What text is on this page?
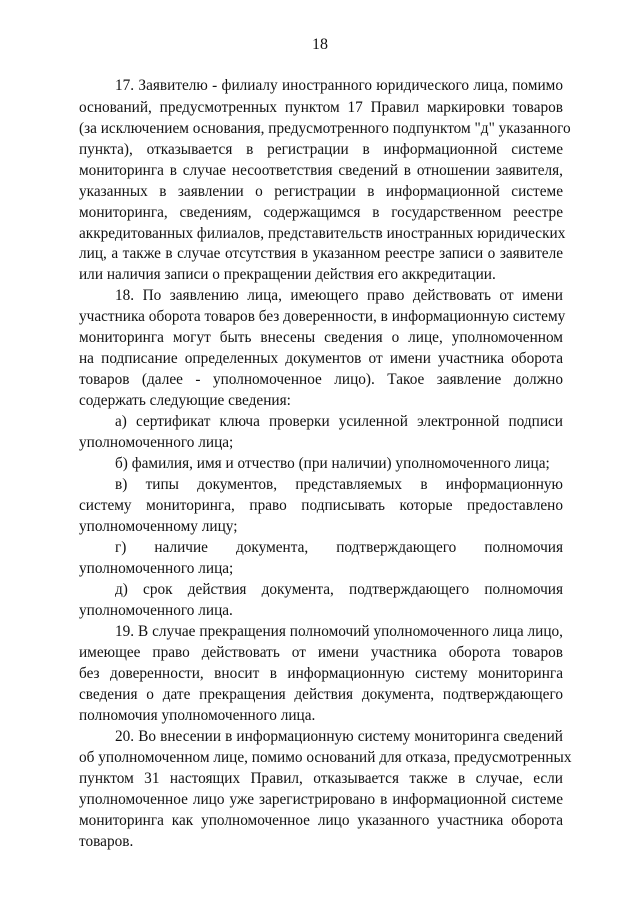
18
17. Заявителю - филиалу иностранного юридического лица, помимо
оснований, предусмотренных пунктом 17 Правил маркировки товаров
(за исключением основания, предусмотренного подпунктом "д" указанного
пункта), отказывается в регистрации в информационной системе
мониторинга в случае несоответствия сведений в отношении заявителя,
указанных в заявлении о регистрации в информационной системе
мониторинга, сведениям, содержащимся в государственном реестре
аккредитованных филиалов, представительств иностранных юридических
лиц, а также в случае отсутствия в указанном реестре записи о заявителе
или наличия записи о прекращении действия его аккредитации.
18. По заявлению лица, имеющего право действовать от имени
участника оборота товаров без доверенности, в информационную систему
мониторинга могут быть внесены сведения о лице, уполномоченном
на подписание определенных документов от имени участника оборота
товаров (далее - уполномоченное лицо). Такое заявление должно
содержать следующие сведения:
а) сертификат ключа проверки усиленной электронной подписи
уполномоченного лица;
б) фамилия, имя и отчество (при наличии) уполномоченного лица;
в) типы документов, представляемых в информационную
систему мониторинга, право подписывать которые предоставлено
уполномоченному лицу;
г) наличие документа, подтверждающего полномочия
уполномоченного лица;
д) срок действия документа, подтверждающего полномочия
уполномоченного лица.
19. В случае прекращения полномочий уполномоченного лица лицо,
имеющее право действовать от имени участника оборота товаров
без доверенности, вносит в информационную систему мониторинга
сведения о дате прекращения действия документа, подтверждающего
полномочия уполномоченного лица.
20. Во внесении в информационную систему мониторинга сведений
об уполномоченном лице, помимо оснований для отказа, предусмотренных
пунктом 31 настоящих Правил, отказывается также в случае, если
уполномоченное лицо уже зарегистрировано в информационной системе
мониторинга как уполномоченное лицо указанного участника оборота
товаров.
